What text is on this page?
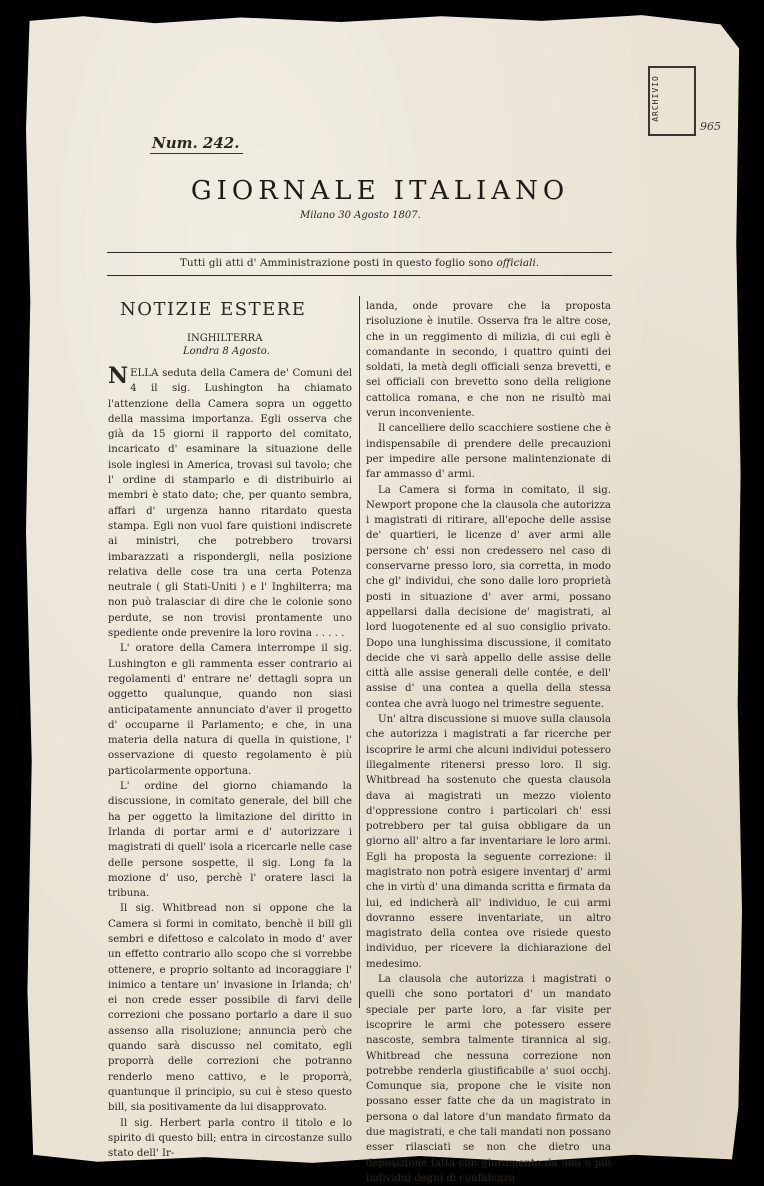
ARCHIVIO
965
Num. 242.
GIORNALE ITALIANO
Milano 30 Agosto 1807.
Tutti gli atti d' Amministrazione posti in questo foglio sono officiali.
NOTIZIE ESTERE
INGHILTERRA
Londra 8 Agosto.

NELLA seduta della Camera de' Comuni del 4 il sig. Lushington ha chiamato l'attenzione della Camera sopra un oggetto della massima importanza. Egli osserva che già da 15 giorni il rapporto del comitato, incaricato d' esaminare la situazione delle isole inglesi in America, trovasi sul tavolo; che l' ordine di stamparlo e di distribuirlo ai membri è stato dato; che, per quanto sembra, affari d' urgenza hanno ritardato questa stampa. Egli non vuol fare quistioni indiscrete ai ministri, che potrebbero trovarsi imbarazzati a rispondergli, nella posizione relativa delle cose tra una certa Potenza neutrale ( gli Stati-Uniti ) e l' Inghilterra; ma non può tralasciar di dire che le colonie sono perdute, se non trovisi prontamente uno spediente onde prevenire la loro rovina . . . . .

L' oratore della Camera interrompe il sig. Lushington e gli rammenta esser contrario ai regolamenti d' entrare ne' dettagli sopra un oggetto qualunque, quando non siasi anticipatamente annunciato d'aver il progetto d' occuparne il Parlamento; e che, in una materia della natura di quella in quistione, l' osservazione di questo regolamento è più particolarmente opportuna.

L' ordine del giorno chiamando la discussione, in comitato generale, del bill che ha per oggetto la limitazione del diritto in Irlanda di portar armi e d' autorizzare i magistrati di quell' isola a ricercarle nelle case delle persone sospette, il sig. Long fa la mozione d' uso, perchè l' oratere lasci la tribuna.

Il sig. Whitbread non si oppone che la Camera si formi in comitato, benchè il bill gli sembri e difettoso e calcolato in modo d' aver un effetto contrario allo scopo che si vorrebbe ottenere, e proprio soltanto ad incoraggiare l' inimico a tentare un' invasione in Irlanda; ch' ei non crede esser possibile di farvi delle correzioni che possano portarlo a dare il suo assenso alla risoluzione; annuncia però che quando sarà discusso nel comitato, egli proporrà delle correzioni che potranno renderlo meno cattivo, e le proporrà, quantunque il principio, su cui è steso questo bill, sia positivamente da lui disapprovato.

Il sig. Herbert parla contro il titolo e lo spirito di questo bill; entra in circostanze sullo stato dell' Ir-

landa, onde provare che la proposta risoluzione è inutile. Osserva fra le altre cose, che in un reggimento di milizia, di cui egli è comandante in secondo, i quattro quinti dei soldati, la metà degli officiali senza brevetti, e sei officiali con brevetto sono della religione cattolica romana, e che non ne risultò mai verun inconveniente.

Il cancelliere dello scacchiere sostiene che è indispensabile di prendere delle precauzioni per impedire alle persone malintenzionate di far ammasso d' armi.

La Camera si forma in comitato, il sig. Newport propone che la clausola che autorizza i magistrati di ritirare, all'epoche delle assise de' quartieri, le licenze d' aver armi alle persone ch' essi non credessero nel caso di conservarne presso loro, sia corretta, in modo che gl' individui, che sono dalle loro proprietà posti in situazione d' aver armi, possano appellarsi dalla decisione de' magistrati, al lord luogotenente ed al suo consiglio privato. Dopo una lunghissima discussione, il comitato decide che vi sarà appello delle assise delle città alle assise generali delle contée, e dell' assise d' una contea a quella della stessa contea che avrà luogo nel trimestre seguente.

Un' altra discussione si muove sulla clausola che autorizza i magistrati a far ricerche per iscoprire le armi che alcuni individui potessero illegalmente ritenersi presso loro. Il sig. Whitbread ha sostenuto che questa clausola dava ai magistrati un mezzo violento d'oppressione contro i particolari ch' essi potrebbero per tal guisa obbligare da un giorno all' altro a far inventariare le loro armi. Egli ha proposta la seguente correzione: il magistrato non potrà esigere inventarj d' armi che in virtù d' una dimanda scritta e firmata da lui, ed indicherà all' individuo, le cui armi dovranno essere inventariate, un altro magistrato della contea ove risiede questo individuo, per ricevere la dichiarazione del medesimo.

La clausola che autorizza i magistrati o quelli che sono portatori d' un mandato speciale per parte loro, a far visite per iscoprire le armi che potessero essere nascoste, sembra talmente tirannica al sig. Whitbread che nessuna correzione non potrebbe renderla giustificabile a' suoi occhj. Comunque sia, propone che le visite non possano esser fatte che da un magistrato in persona o dal latore d'un mandato firmato da due magistrati, e che tali mandati non possano esser rilasciati se non che dietro una deposizione fatta con giuramento da uno o più individui degni di confidenza
